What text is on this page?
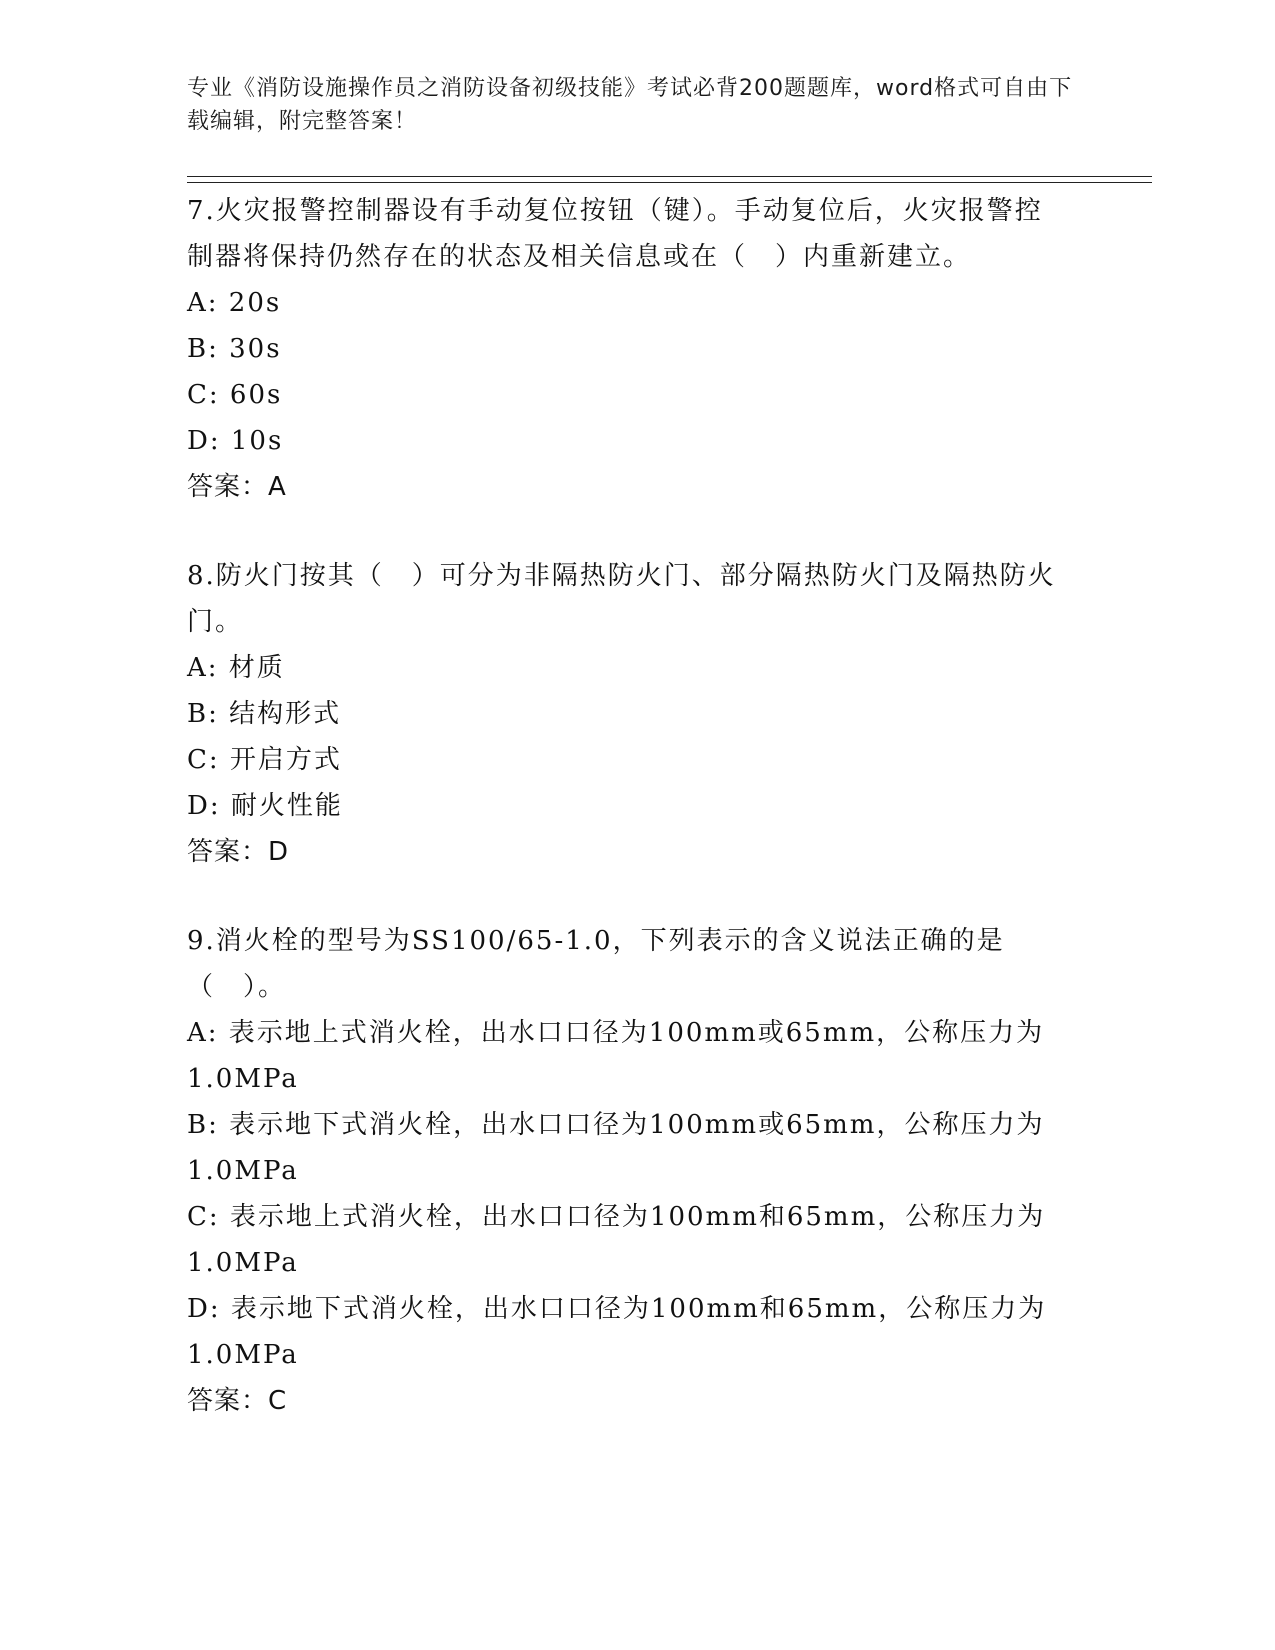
专业《消防设施操作员之消防设备初级技能》考试必背200题题库，word格式可自由下载编辑，附完整答案！

7.火灾报警控制器设有手动复位按钮（键）。手动复位后，火灾报警控制器将保持仍然存在的状态及相关信息或在（　）内重新建立。

A: 20s

B: 30s

C: 60s

D: 10s

答案：A

8.防火门按其（　）可分为非隔热防火门、部分隔热防火门及隔热防火门。

A: 材质

B: 结构形式

C: 开启方式

D: 耐火性能

答案：D

9.消火栓的型号为SS100/65-1.0，下列表示的含义说法正确的是（　）。

A: 表示地上式消火栓，出水口口径为100mm或65mm，公称压力为1.0MPa

B: 表示地下式消火栓，出水口口径为100mm或65mm，公称压力为1.0MPa

C: 表示地上式消火栓，出水口口径为100mm和65mm，公称压力为1.0MPa

D: 表示地下式消火栓，出水口口径为100mm和65mm，公称压力为1.0MPa

答案：C
